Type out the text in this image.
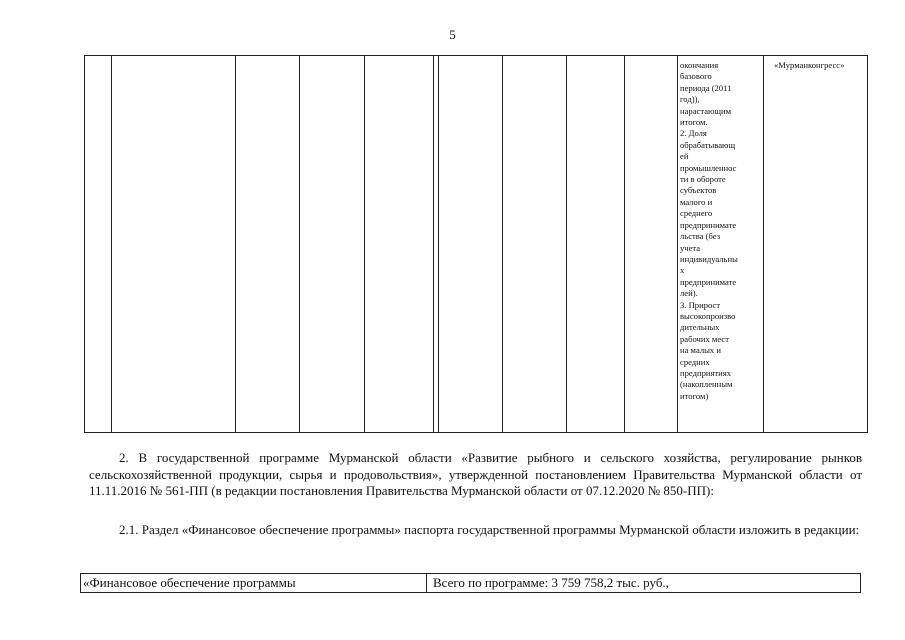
5
окончания
базового
периода (2011
год)),
нарастающим
итогом.
2. Доля
обрабатывающ
ей
промышленнос
ти в обороте
субъектов
малого и
среднего
предпринимате
льства (без
учета
индивидуальны
х
предпринимате
лей).
3. Прирост
высокопроизво
дительных
рабочих мест
на малых и
средних
предприятиях
(накопленным
итогом)
«Мурманконгресс»
2. В государственной программе Мурманской области «Развитие рыбного и сельского хозяйства, регулирование рынков сельскохозяйственной продукции, сырья и продовольствия», утвержденной постановлением Правительства Мурманской области от 11.11.2016 № 561-ПП (в редакции постановления Правительства Мурманской области от 07.12.2020 № 850-ПП):
2.1. Раздел «Финансовое обеспечение программы» паспорта государственной программы Мурманской области изложить в редакции:
«Финансовое обеспечение программы	Всего по программе: 3 759 758,2 тыс. руб.,
